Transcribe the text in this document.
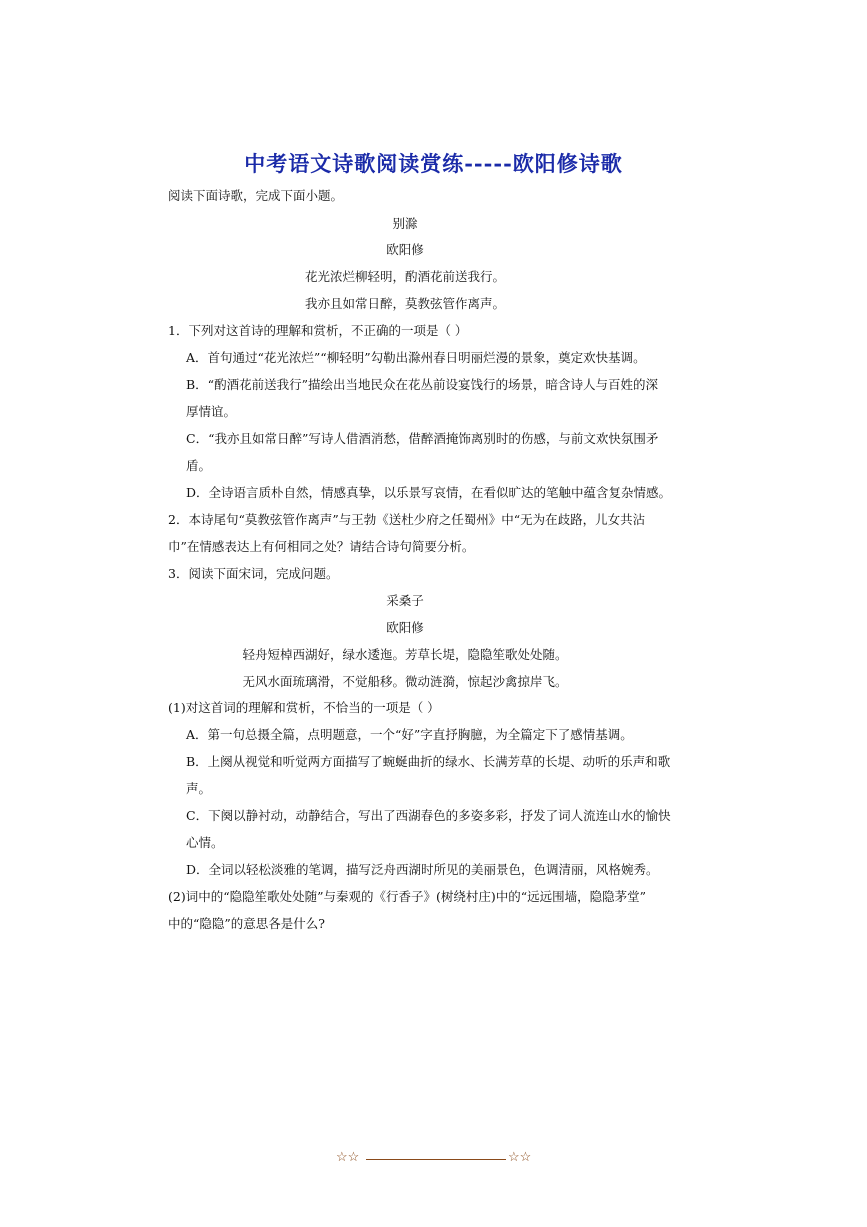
中考语文诗歌阅读赏练-----欧阳修诗歌
阅读下面诗歌，完成下面小题。
别滁
欧阳修
花光浓烂柳轻明，酌酒花前送我行。
我亦且如常日醉，莫教弦管作离声。
1．下列对这首诗的理解和赏析，不正确的一项是（ ）
A．首句通过“花光浓烂”“柳轻明”勾勒出滁州春日明丽烂漫的景象，奠定欢快基调。
B．“酌酒花前送我行”描绘出当地民众在花丛前设宴饯行的场景，暗含诗人与百姓的深
厚情谊。
C．“我亦且如常日醉”写诗人借酒消愁，借醉酒掩饰离别时的伤感，与前文欢快氛围矛
盾。
D．全诗语言质朴自然，情感真挚，以乐景写哀情，在看似旷达的笔触中蕴含复杂情感。
2．本诗尾句“莫教弦管作离声”与王勃《送杜少府之任蜀州》中“无为在歧路，儿女共沾
巾”在情感表达上有何相同之处？请结合诗句简要分析。
3．阅读下面宋词，完成问题。
采桑子
欧阳修
轻舟短棹西湖好，绿水逶迤。芳草长堤，隐隐笙歌处处随。
无风水面琉璃滑，不觉船移。微动涟漪，惊起沙禽掠岸飞。
(1)对这首词的理解和赏析，不恰当的一项是（ ）
A．第一句总摄全篇，点明题意，一个“好”字直抒胸臆，为全篇定下了感情基调。
B．上阕从视觉和听觉两方面描写了蜿蜒曲折的绿水、长满芳草的长堤、动听的乐声和歌
声。
C．下阕以静衬动，动静结合，写出了西湖春色的多姿多彩，抒发了词人流连山水的愉快
心情。
D．全词以轻松淡雅的笔调，描写泛舟西湖时所见的美丽景色，色调清丽，风格婉秀。
(2)词中的“隐隐笙歌处处随”与秦观的《行香子》(树绕村庄)中的“远远围墙，隐隐茅堂”
中的“隐隐”的意思各是什么?
☆☆	☆☆
